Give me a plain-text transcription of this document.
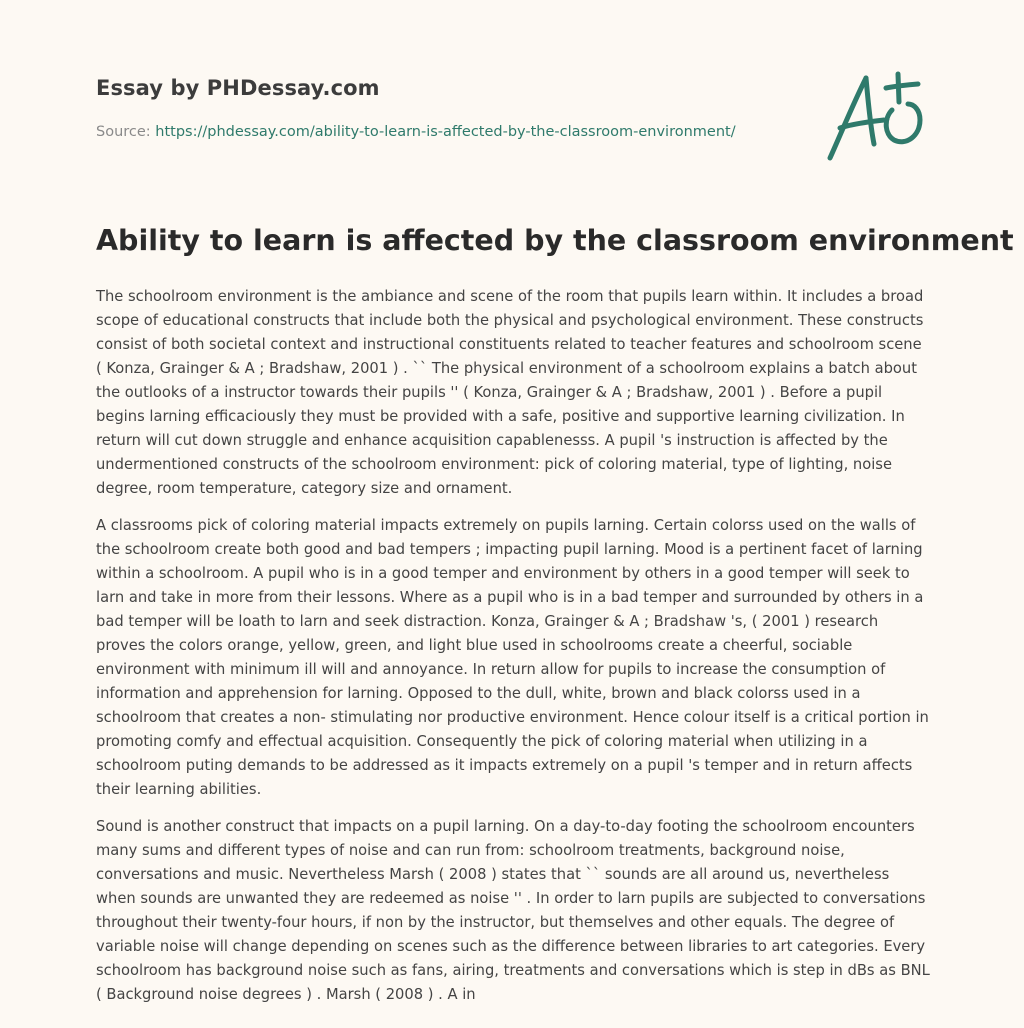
Essay by PHDessay.com
Source: https://phdessay.com/ability-to-learn-is-affected-by-the-classroom-environment/
Ability to learn is affected by the classroom environment

The schoolroom environment is the ambiance and scene of the room that pupils learn within. It includes a broad scope of educational constructs that include both the physical and psychological environment. These constructs consist of both societal context and instructional constituents related to teacher features and schoolroom scene ( Konza, Grainger & A ; Bradshaw, 2001 ) . `` The physical environment of a schoolroom explains a batch about the outlooks of a instructor towards their pupils '' ( Konza, Grainger & A ; Bradshaw, 2001 ) . Before a pupil begins larning efficaciously they must be provided with a safe, positive and supportive learning civilization. In return will cut down struggle and enhance acquisition capablenesss. A pupil 's instruction is affected by the undermentioned constructs of the schoolroom environment: pick of coloring material, type of lighting, noise degree, room temperature, category size and ornament.

A classrooms pick of coloring material impacts extremely on pupils larning. Certain colorss used on the walls of the schoolroom create both good and bad tempers ; impacting pupil larning. Mood is a pertinent facet of larning within a schoolroom. A pupil who is in a good temper and environment by others in a good temper will seek to larn and take in more from their lessons. Where as a pupil who is in a bad temper and surrounded by others in a bad temper will be loath to larn and seek distraction. Konza, Grainger & A ; Bradshaw 's, ( 2001 ) research proves the colors orange, yellow, green, and light blue used in schoolrooms create a cheerful, sociable environment with minimum ill will and annoyance. In return allow for pupils to increase the consumption of information and apprehension for larning. Opposed to the dull, white, brown and black colorss used in a schoolroom that creates a non- stimulating nor productive environment. Hence colour itself is a critical portion in promoting comfy and effectual acquisition. Consequently the pick of coloring material when utilizing in a schoolroom puting demands to be addressed as it impacts extremely on a pupil 's temper and in return affects their learning abilities.

Sound is another construct that impacts on a pupil larning. On a day-to-day footing the schoolroom encounters many sums and different types of noise and can run from: schoolroom treatments, background noise, conversations and music. Nevertheless Marsh ( 2008 ) states that `` sounds are all around us, nevertheless when sounds are unwanted they are redeemed as noise '' . In order to larn pupils are subjected to conversations throughout their twenty-four hours, if non by the instructor, but themselves and other equals. The degree of variable noise will change depending on scenes such as the difference between libraries to art categories. Every schoolroom has background noise such as fans, airing, treatments and conversations which is step in dBs as BNL ( Background noise degrees ) . Marsh ( 2008 ) . A in
